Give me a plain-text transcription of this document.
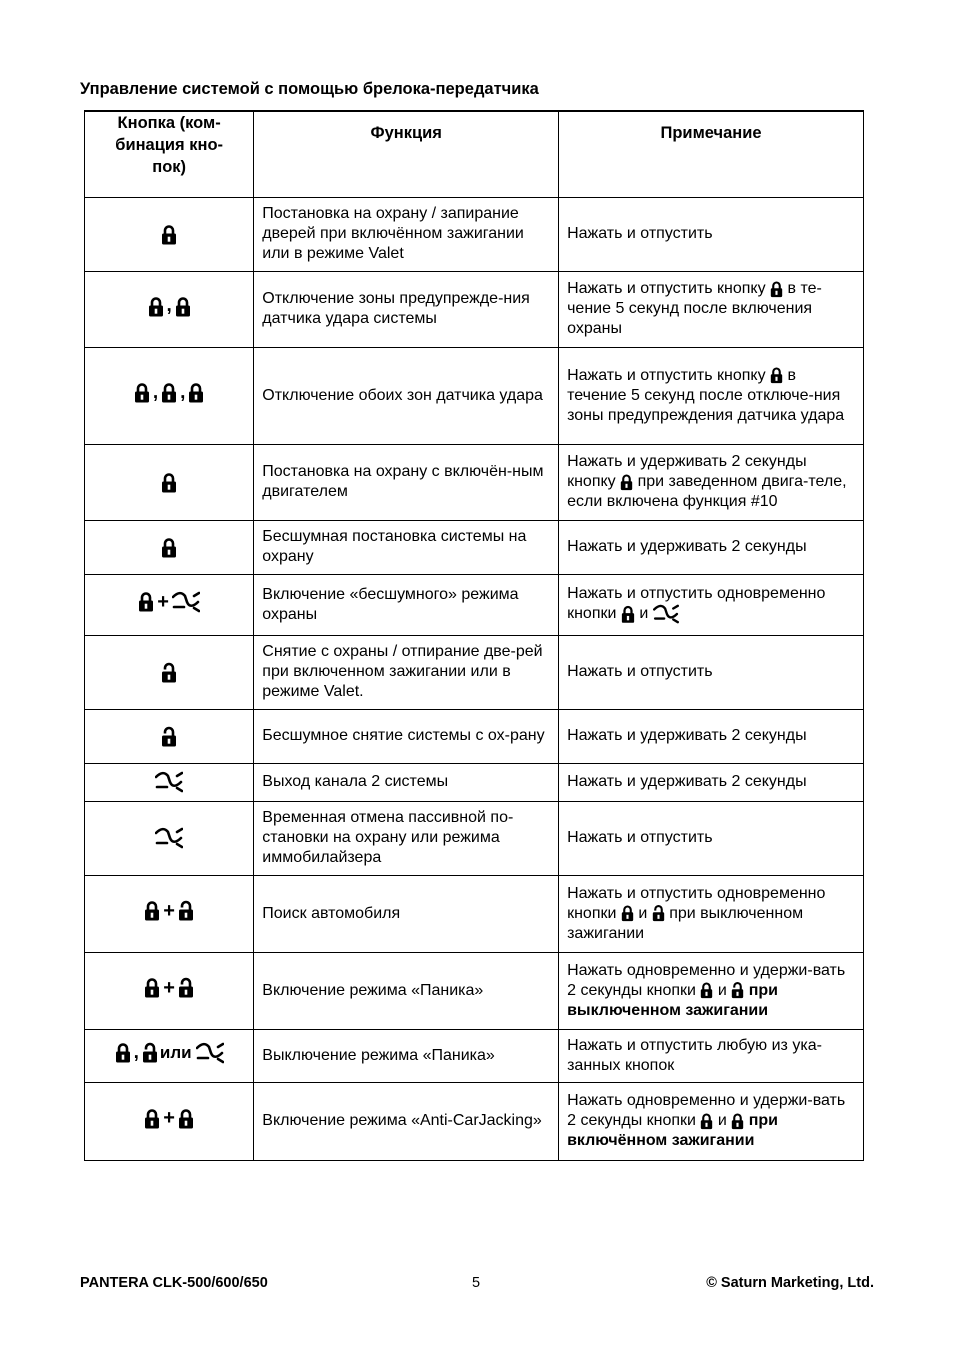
Управление системой с помощью брелока-передатчика
Кнопка (ком-
бинация кно-
пок)	Функция	Примечание
	Постановка на охрану / запирание дверей при включённом зажигании или в режиме Valet	Нажать и отпустить

,	Отключение зоны предупрежде-ния датчика удара системы	Нажать и отпустить кнопку в те-чение 5 секунд после включения охраны

, ,	Отключение обоих зон датчика удара	Нажать и отпустить кнопку в течение 5 секунд после отключе-ния зоны предупреждения датчика удара
	Постановка на охрану с включён-ным двигателем	Нажать и удерживать 2 секунды кнопку при заведенном двига-теле, если включена функция #10
	Бесшумная постановка системы на охрану	Нажать и удерживать 2 секунды

+	Включение «бесшумного» режима охраны	Нажать и отпустить одновременно кнопки и
	Снятие с охраны / отпирание две-рей при включенном зажигании или в режиме Valet.	Нажать и отпустить
	Бесшумное снятие системы с ох-рану	Нажать и удерживать 2 секунды
	Выход канала 2 системы	Нажать и удерживать 2 секунды
	Временная отмена пассивной по-становки на охрану или режима иммобилайзера	Нажать и отпустить

+	Поиск автомобиля	Нажать и отпустить одновременно кнопки и при выключенном зажигании

+	Включение режима «Паника»	Нажать одновременно и удержи-вать 2 секунды кнопки и при выключенном зажигании

, или	Выключение режима «Паника»	Нажать и отпустить любую из ука-занных кнопок

+	Включение режима «Anti-CarJacking»	Нажать одновременно и удержи-вать 2 секунды кнопки и при включённом зажигании
PANTERA CLK-500/600/650	5	© Saturn Marketing, Ltd.
